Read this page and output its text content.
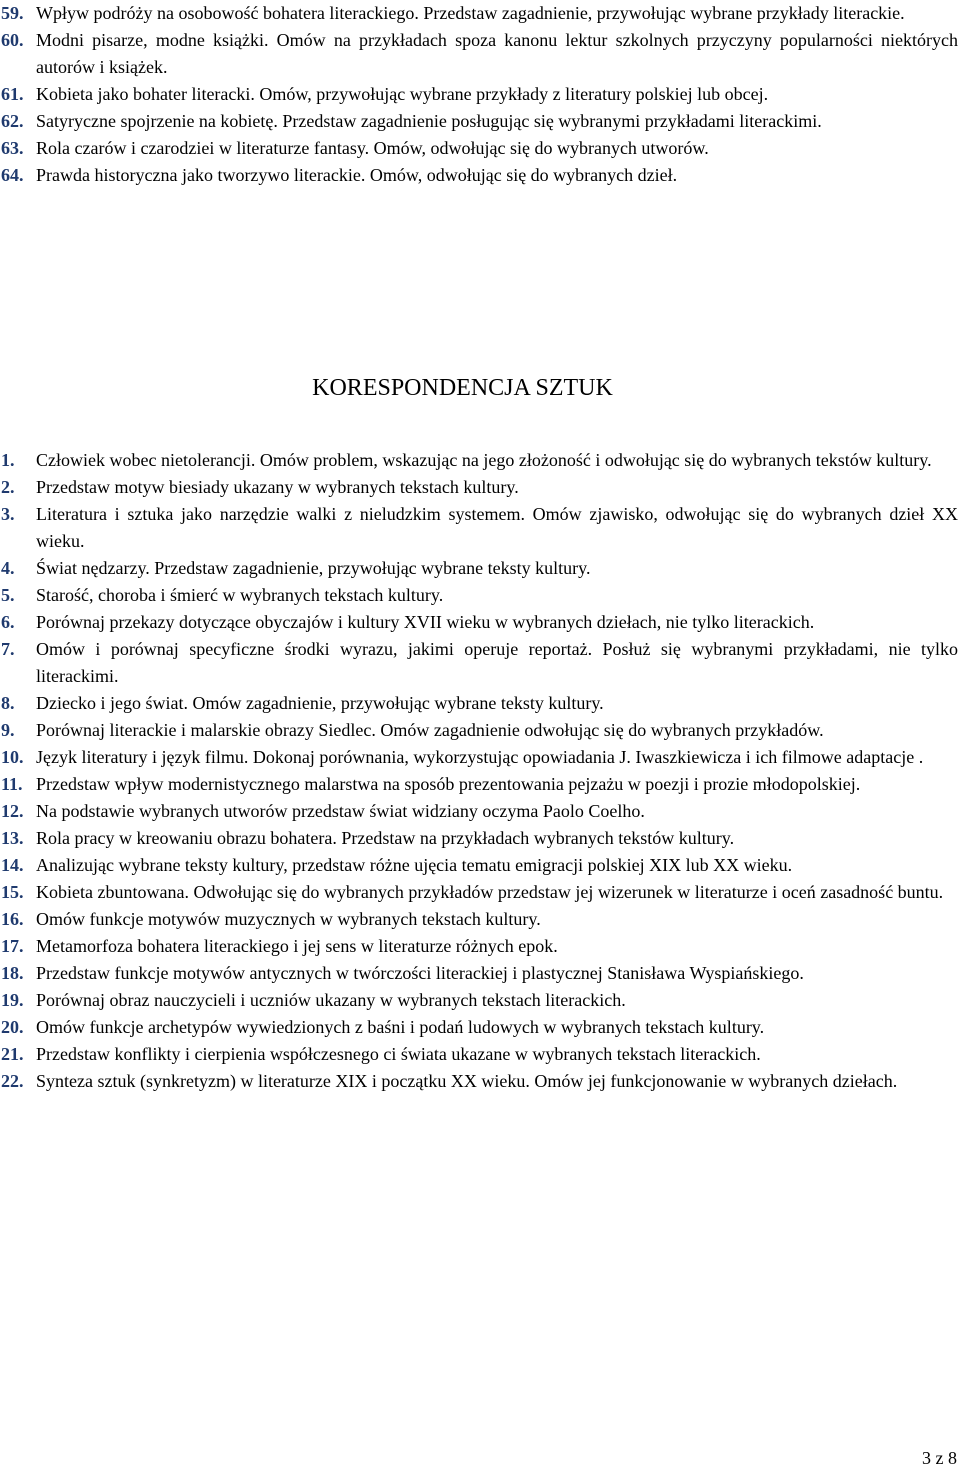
59. Wpływ podróży na osobowość bohatera literackiego. Przedstaw zagadnienie, przywołując wybrane przykłady literackie.
60. Modni pisarze, modne książki. Omów na przykładach spoza kanonu lektur szkolnych przyczyny popularności niektórych autorów i książek.
61. Kobieta jako bohater literacki. Omów, przywołując wybrane przykłady z literatury polskiej lub obcej.
62. Satyryczne spojrzenie na kobietę. Przedstaw zagadnienie posługując się wybranymi przykładami literackimi.
63. Rola czarów i czarodziei w literaturze fantasy. Omów, odwołując się do wybranych utworów.
64. Prawda historyczna jako tworzywo literackie. Omów, odwołując się do wybranych dzieł.
KORESPONDENCJA SZTUK
1.	Człowiek wobec nietolerancji. Omów problem, wskazując na jego złożoność i odwołując się do wybranych tekstów kultury.
2.	Przedstaw motyw biesiady ukazany w wybranych tekstach kultury.
3.	Literatura i sztuka jako narzędzie walki z nieludzkim systemem. Omów zjawisko, odwołując się do wybranych dzieł XX wieku.
4.	Świat nędzarzy. Przedstaw zagadnienie, przywołując wybrane teksty kultury.
5.	Starość, choroba i śmierć w wybranych tekstach kultury.
6.	Porównaj przekazy dotyczące obyczajów i kultury XVII wieku w wybranych dziełach, nie tylko literackich.
7.	Omów i porównaj specyficzne środki wyrazu, jakimi operuje reportaż. Posłuż się wybranymi przykładami, nie tylko literackimi.
8.	Dziecko i jego świat. Omów zagadnienie, przywołując wybrane teksty kultury.
9.	Porównaj literackie i malarskie obrazy Siedlec. Omów zagadnienie odwołując się do wybranych przykładów.
10. Język literatury i język filmu. Dokonaj porównania, wykorzystując opowiadania J. Iwaszkiewicza i ich filmowe adaptacje .
11. Przedstaw wpływ modernistycznego malarstwa na sposób prezentowania pejzażu w poezji i prozie młodopolskiej.
12. Na podstawie wybranych utworów przedstaw świat widziany oczyma Paolo Coelho.
13. Rola pracy w kreowaniu obrazu bohatera. Przedstaw na przykładach wybranych tekstów kultury.
14. Analizując wybrane teksty kultury, przedstaw różne ujęcia tematu emigracji polskiej XIX lub XX wieku.
15. Kobieta zbuntowana. Odwołując się do wybranych przykładów przedstaw jej wizerunek w literaturze i oceń zasadność buntu.
16. Omów funkcje motywów muzycznych w wybranych tekstach kultury.
17. Metamorfoza bohatera literackiego i jej sens w literaturze różnych epok.
18. Przedstaw funkcje motywów antycznych w twórczości literackiej i plastycznej Stanisława Wyspiańskiego.
19. Porównaj obraz nauczycieli i uczniów ukazany w wybranych tekstach literackich.
20. Omów funkcje archetypów wywiedzionych z baśni i podań ludowych w wybranych tekstach kultury.
21. Przedstaw konflikty i cierpienia współczesnego ci świata ukazane w wybranych tekstach literackich.
22. Synteza sztuk (synkretyzm) w literaturze XIX i początku XX wieku. Omów jej funkcjonowanie w wybranych dziełach.
3 z 8
